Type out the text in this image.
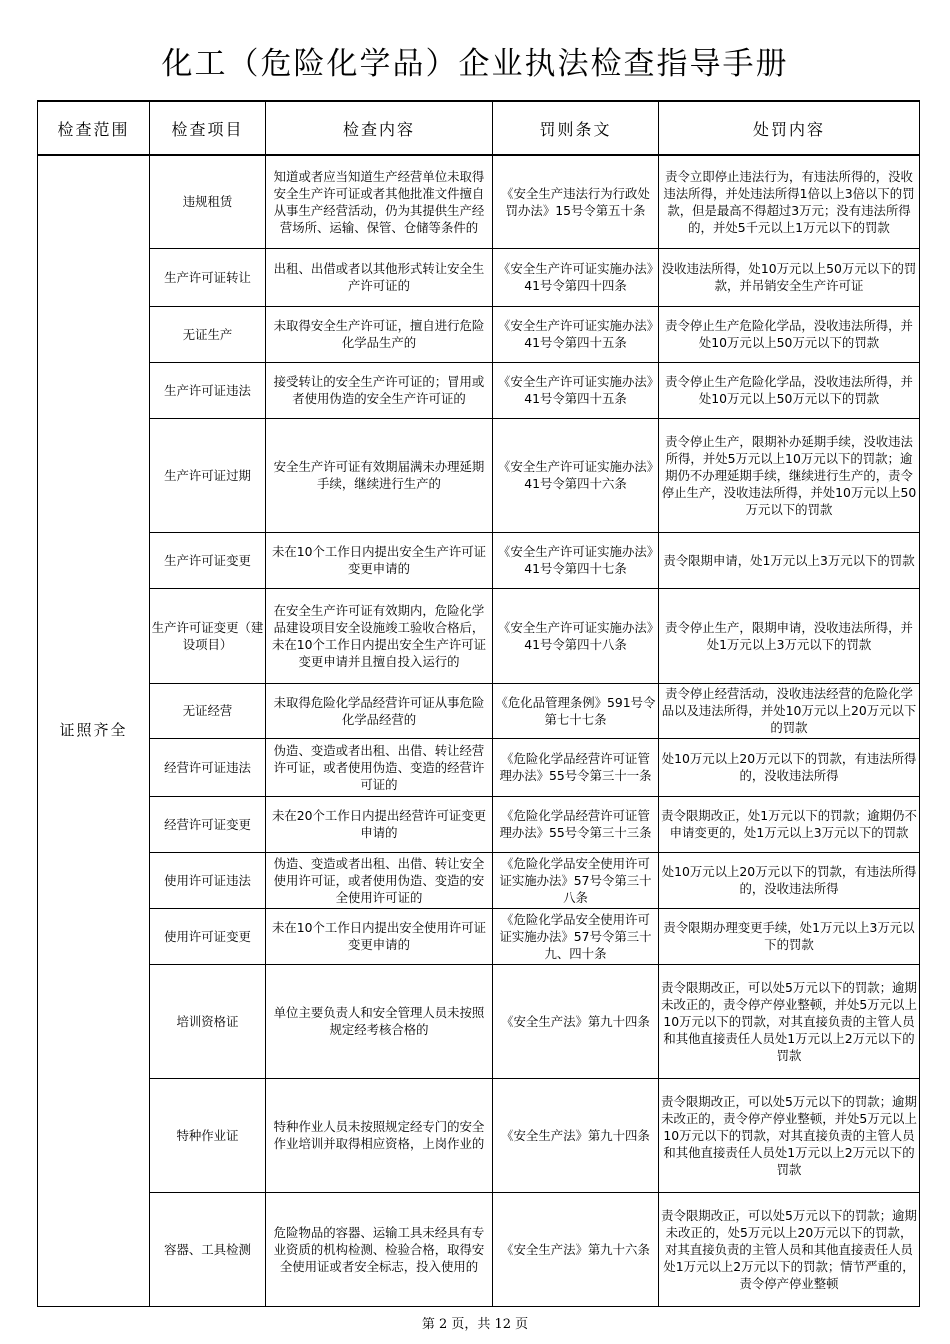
化工（危险化学品）企业执法检查指导手册
检查范围	检查项目	检查内容	罚则条文	处罚内容
证照齐全	违规租赁	知道或者应当知道生产经营单位未取得安全生产许可证或者其他批准文件擅自从事生产经营活动，仍为其提供生产经营场所、运输、保管、仓储等条件的	《安全生产违法行为行政处罚办法》15号令第五十条	责令立即停止违法行为，有违法所得的，没收违法所得，并处违法所得1倍以上3倍以下的罚款，但是最高不得超过3万元；没有违法所得的，并处5千元以上1万元以下的罚款
	生产许可证转让	出租、出借或者以其他形式转让安全生产许可证的	《安全生产许可证实施办法》41号令第四十四条	没收违法所得，处10万元以上50万元以下的罚款，并吊销安全生产许可证
	无证生产	未取得安全生产许可证，擅自进行危险化学品生产的	《安全生产许可证实施办法》41号令第四十五条	责令停止生产危险化学品，没收违法所得，并处10万元以上50万元以下的罚款
	生产许可证违法	接受转让的安全生产许可证的；冒用或者使用伪造的安全生产许可证的	《安全生产许可证实施办法》41号令第四十五条	责令停止生产危险化学品，没收违法所得，并处10万元以上50万元以下的罚款
	生产许可证过期	安全生产许可证有效期届满未办理延期手续，继续进行生产的	《安全生产许可证实施办法》41号令第四十六条	责令停止生产，限期补办延期手续，没收违法所得，并处5万元以上10万元以下的罚款；逾期仍不办理延期手续，继续进行生产的，责令停止生产，没收违法所得，并处10万元以上50万元以下的罚款
	生产许可证变更	未在10个工作日内提出安全生产许可证变更申请的	《安全生产许可证实施办法》41号令第四十七条	责令限期申请，处1万元以上3万元以下的罚款
	生产许可证变更（建设项目）	在安全生产许可证有效期内，危险化学品建设项目安全设施竣工验收合格后，未在10个工作日内提出安全生产许可证变更申请并且擅自投入运行的	《安全生产许可证实施办法》41号令第四十八条	责令停止生产，限期申请，没收违法所得，并处1万元以上3万元以下的罚款
	无证经营	未取得危险化学品经营许可证从事危险化学品经营的	《危化品管理条例》591号令第七十七条	责令停止经营活动，没收违法经营的危险化学品以及违法所得，并处10万元以上20万元以下的罚款
	经营许可证违法	伪造、变造或者出租、出借、转让经营许可证，或者使用伪造、变造的经营许可证的	《危险化学品经营许可证管理办法》55号令第三十一条	处10万元以上20万元以下的罚款，有违法所得的，没收违法所得
	经营许可证变更	未在20个工作日内提出经营许可证变更申请的	《危险化学品经营许可证管理办法》55号令第三十三条	责令限期改正，处1万元以下的罚款；逾期仍不申请变更的，处1万元以上3万元以下的罚款
	使用许可证违法	伪造、变造或者出租、出借、转让安全使用许可证，或者使用伪造、变造的安全使用许可证的	《危险化学品安全使用许可证实施办法》57号令第三十八条	处10万元以上20万元以下的罚款，有违法所得的，没收违法所得
	使用许可证变更	未在10个工作日内提出安全使用许可证变更申请的	《危险化学品安全使用许可证实施办法》57号令第三十九、四十条	责令限期办理变更手续，处1万元以上3万元以下的罚款
	培训资格证	单位主要负责人和安全管理人员未按照规定经考核合格的	《安全生产法》第九十四条	责令限期改正，可以处5万元以下的罚款；逾期未改正的，责令停产停业整顿，并处5万元以上10万元以下的罚款，对其直接负责的主管人员和其他直接责任人员处1万元以上2万元以下的罚款
	特种作业证	特种作业人员未按照规定经专门的安全作业培训并取得相应资格，上岗作业的	《安全生产法》第九十四条	责令限期改正，可以处5万元以下的罚款；逾期未改正的，责令停产停业整顿，并处5万元以上10万元以下的罚款，对其直接负责的主管人员和其他直接责任人员处1万元以上2万元以下的罚款
	容器、工具检测	危险物品的容器、运输工具未经具有专业资质的机构检测、检验合格，取得安全使用证或者安全标志，投入使用的	《安全生产法》第九十六条	责令限期改正，可以处5万元以下的罚款；逾期未改正的，处5万元以上20万元以下的罚款，对其直接负责的主管人员和其他直接责任人员处1万元以上2万元以下的罚款；情节严重的，责令停产停业整顿
第 2 页，共 12 页
